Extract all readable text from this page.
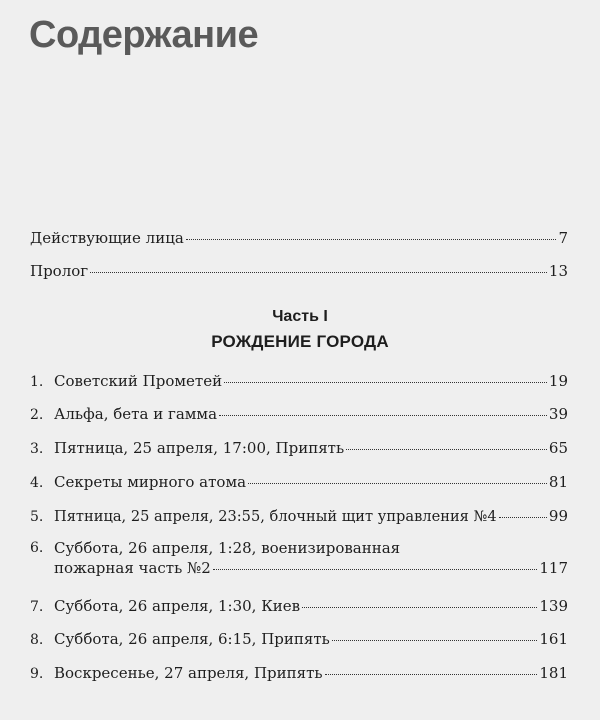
Содержание
Действующие лица	7
Пролог	13
Часть I
РОЖДЕНИЕ ГОРОДА
1. Советский Прометей	19
2. Альфа, бета и гамма	39
3. Пятница, 25 апреля, 17:00, Припять	65
4. Секреты мирного атома	81
5. Пятница, 25 апреля, 23:55, блочный щит управления №4	99
6. Суббота, 26 апреля, 1:28, военизированная
пожарная часть №2	117
7. Суббота, 26 апреля, 1:30, Киев	139
8. Суббота, 26 апреля, 6:15, Припять	161
9. Воскресенье, 27 апреля, Припять	181
